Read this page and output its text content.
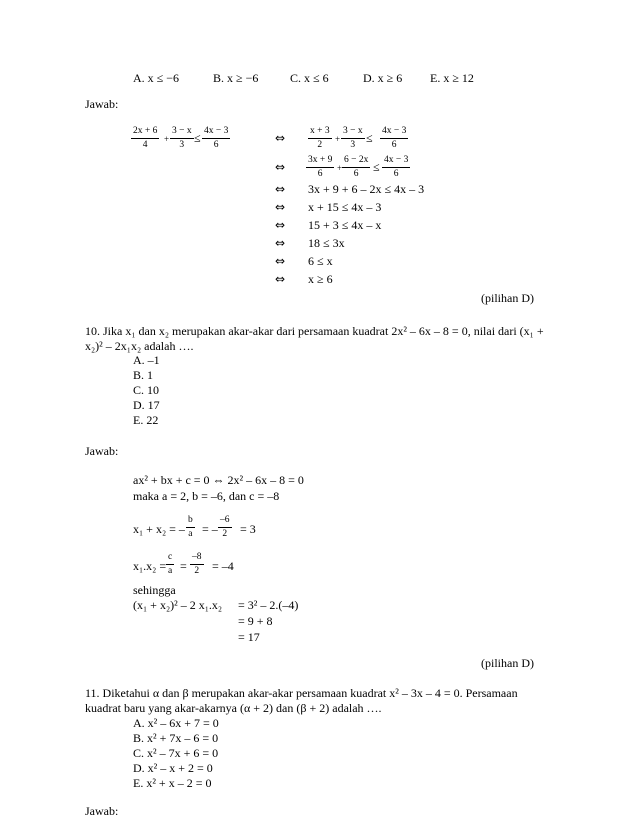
A. x ≤ −6	B. x ≥ −6	C. x ≤ 6	D. x ≥ 6 E. x ≥ 12
Jawab:
$\frac{2x + 6}{4} + \frac{3 - x}{3} \le \frac{4x - 3}{6}$	⇔ $\frac{x + 3}{2} + \frac{3 - x}{3} \le \frac{4x - 3}{6}$
⇔ $\frac{3x + 9}{6} + \frac{6 - 2x}{6} \le \frac{4x - 3}{6}$
⇔ 3x + 9 + 6 – 2x ≤ 4x – 3
⇔ x + 15 ≤ 4x – 3
⇔ 15 + 3 ≤ 4x – x
⇔ 18 ≤ 3x
⇔ 6 ≤ x
⇔ x ≥ 6
(pilihan D)
10. Jika x₁ dan x₂ merupakan akar-akar dari persamaan kuadrat 2x² – 6x – 8 = 0, nilai dari (x₁ + x₂)² – 2x₁x₂ adalah ….
A. –1
B. 1
C. 10
D. 17
E. 22
Jawab:
ax² + bx + c = 0 ⇔ 2x² – 6x – 8 = 0
maka a = 2, b = –6, dan c = –8
x₁ + x₂ = – $\frac{b}{a}$ = – $\frac{-6}{2} = 3$
$x_1.x_2 = \frac{c}{a} = \frac{-8}{2} = -4$
sehingga
(x₁ + x₂)² – 2 x₁.x₂ = 3² – 2.(–4)
= 9 + 8
= 17
(pilihan D)
11. Diketahui α dan β merupakan akar-akar persamaan kuadrat x² – 3x – 4 = 0. Persamaan kuadrat baru yang akar-akarnya (α + 2) dan (β + 2) adalah ….
A. x² – 6x + 7 = 0
B. x² + 7x – 6 = 0
C. x² – 7x + 6 = 0
D. x² – x + 2 = 0
E. x² + x – 2 = 0
Jawab:
